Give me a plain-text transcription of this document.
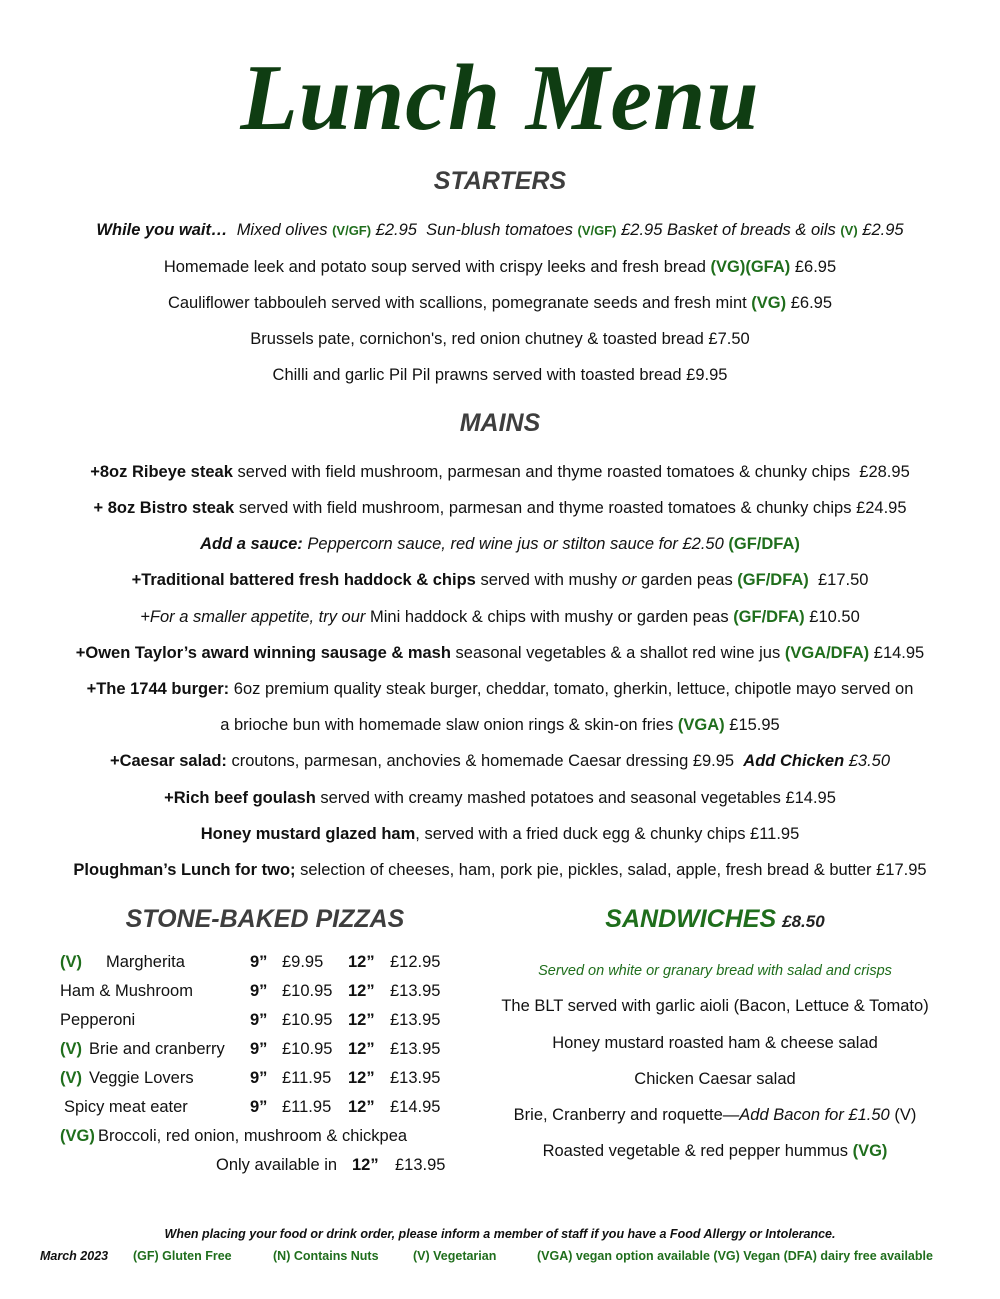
Lunch Menu
STARTERS
While you wait… Mixed olives (V/GF) £2.95 Sun-blush tomatoes (V/GF) £2.95 Basket of breads & oils (V) £2.95
Homemade leek and potato soup served with crispy leeks and fresh bread (VG)(GFA) £6.95
Cauliflower tabbouleh served with scallions, pomegranate seeds and fresh mint (VG) £6.95
Brussels pate, cornichon's, red onion chutney & toasted bread £7.50
Chilli and garlic Pil Pil prawns served with toasted bread £9.95
MAINS
+8oz Ribeye steak served with field mushroom, parmesan and thyme roasted tomatoes & chunky chips £28.95
+ 8oz Bistro steak served with field mushroom, parmesan and thyme roasted tomatoes & chunky chips £24.95
Add a sauce: Peppercorn sauce, red wine jus or stilton sauce for £2.50 (GF/DFA)
+Traditional battered fresh haddock & chips served with mushy or garden peas (GF/DFA) £17.50
+For a smaller appetite, try our Mini haddock & chips with mushy or garden peas (GF/DFA) £10.50
+Owen Taylor’s award winning sausage & mash seasonal vegetables & a shallot red wine jus (VGA/DFA) £14.95
+The 1744 burger: 6oz premium quality steak burger, cheddar, tomato, gherkin, lettuce, chipotle mayo served on
a brioche bun with homemade slaw onion rings & skin-on fries (VGA) £15.95
+Caesar salad: croutons, parmesan, anchovies & homemade Caesar dressing £9.95 Add Chicken £3.50
+Rich beef goulash served with creamy mashed potatoes and seasonal vegetables £14.95
Honey mustard glazed ham, served with a fried duck egg & chunky chips £11.95
Ploughman’s Lunch for two; selection of cheeses, ham, pork pie, pickles, salad, apple, fresh bread & butter £17.95
STONE-BAKED PIZZAS
(V) Margherita	9” £9.95 12” £12.95
Ham & Mushroom	9” £10.95 12” £13.95
Pepperoni	9” £10.95 12” £13.95
(V) Brie and cranberry 9” £10.95 12” £13.95
(V) Veggie Lovers	9” £11.95 12” £13.95
Spicy meat eater	9” £11.95 12” £14.95
(VG) Broccoli, red onion, mushroom & chickpea
Only available in 12” £13.95
SANDWICHES £8.50
Served on white or granary bread with salad and crisps
The BLT served with garlic aioli (Bacon, Lettuce & Tomato)
Honey mustard roasted ham & cheese salad
Chicken Caesar salad
Brie, Cranberry and roquette—Add Bacon for £1.50 (V)
Roasted vegetable & red pepper hummus (VG)
When placing your food or drink order, please inform a member of staff if you have a Food Allergy or Intolerance.
March 2023 (GF) Gluten Free	(N) Contains Nuts	(V) Vegetarian	(VGA) vegan option available (VG) Vegan (DFA) dairy free available
